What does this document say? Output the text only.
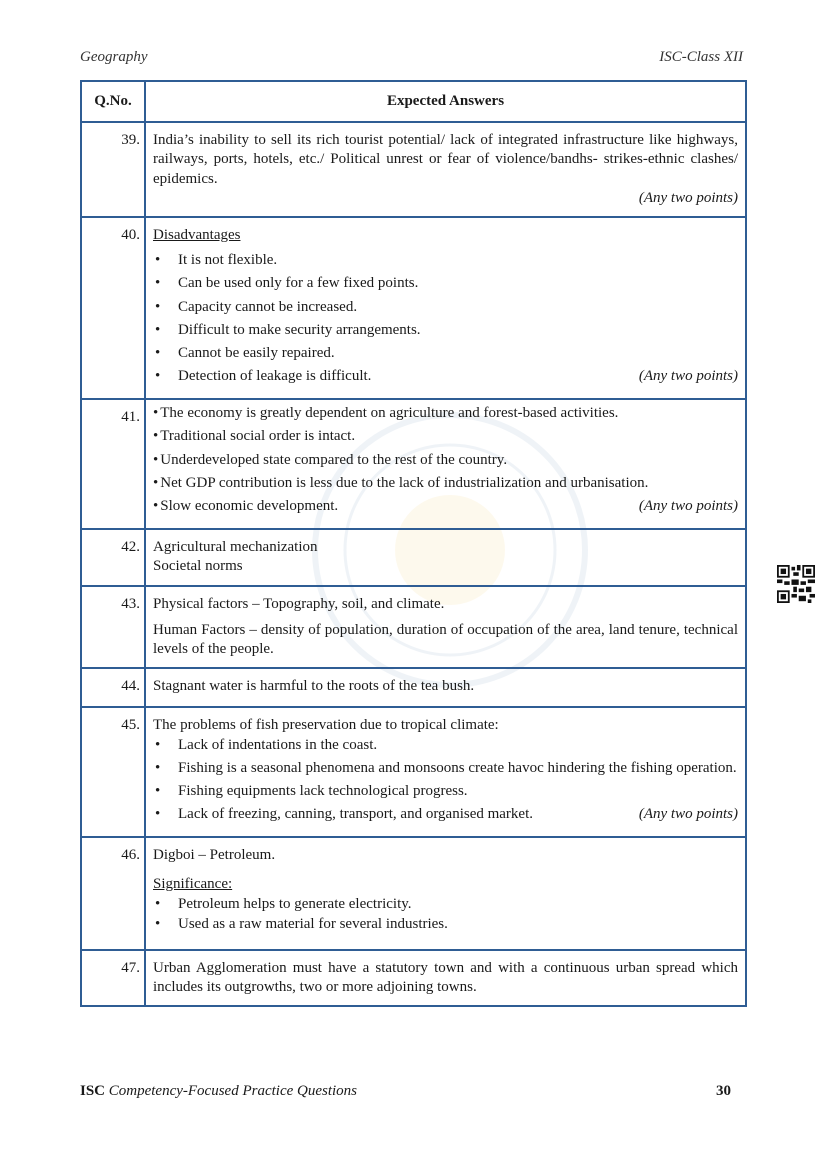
Geography	ISC-Class XII
Q.No.	Expected Answers
39.	India’s inability to sell its rich tourist potential/ lack of integrated infrastructure like highways, railways, ports, hotels, etc./ Political unrest or fear of violence/bandhs- strikes-ethnic clashes/ epidemics.
(Any two points)

40.	Disadvantages
• It is not flexible.
• Can be used only for a few fixed points.
• Capacity cannot be increased.
• Difficult to make security arrangements.
• Cannot be easily repaired.
• Detection of leakage is difficult.	(Any two points)

41.	• The economy is greatly dependent on agriculture and forest-based activities.
• Traditional social order is intact.
• Underdeveloped state compared to the rest of the country.
• Net GDP contribution is less due to the lack of industrialization and urbanisation.
• Slow economic development.	(Any two points)

42.	Agricultural mechanization
Societal norms

43.	Physical factors – Topography, soil, and climate.
Human Factors – density of population, duration of occupation of the area, land tenure, technical levels of the people.

44.	Stagnant water is harmful to the roots of the tea bush.
45.	The problems of fish preservation due to tropical climate:
• Lack of indentations in the coast.
• Fishing is a seasonal phenomena and monsoons create havoc hindering the fishing operation.
• Fishing equipments lack technological progress.
• Lack of freezing, canning, transport, and organised market.	(Any two points)

46.	Digboi – Petroleum.
Significance:
• Petroleum helps to generate electricity.
• Used as a raw material for several industries.

47.	Urban Agglomeration must have a statutory town and with a continuous urban spread which includes its outgrowths, two or more adjoining towns.
ISC Competency-Focused Practice Questions	30
